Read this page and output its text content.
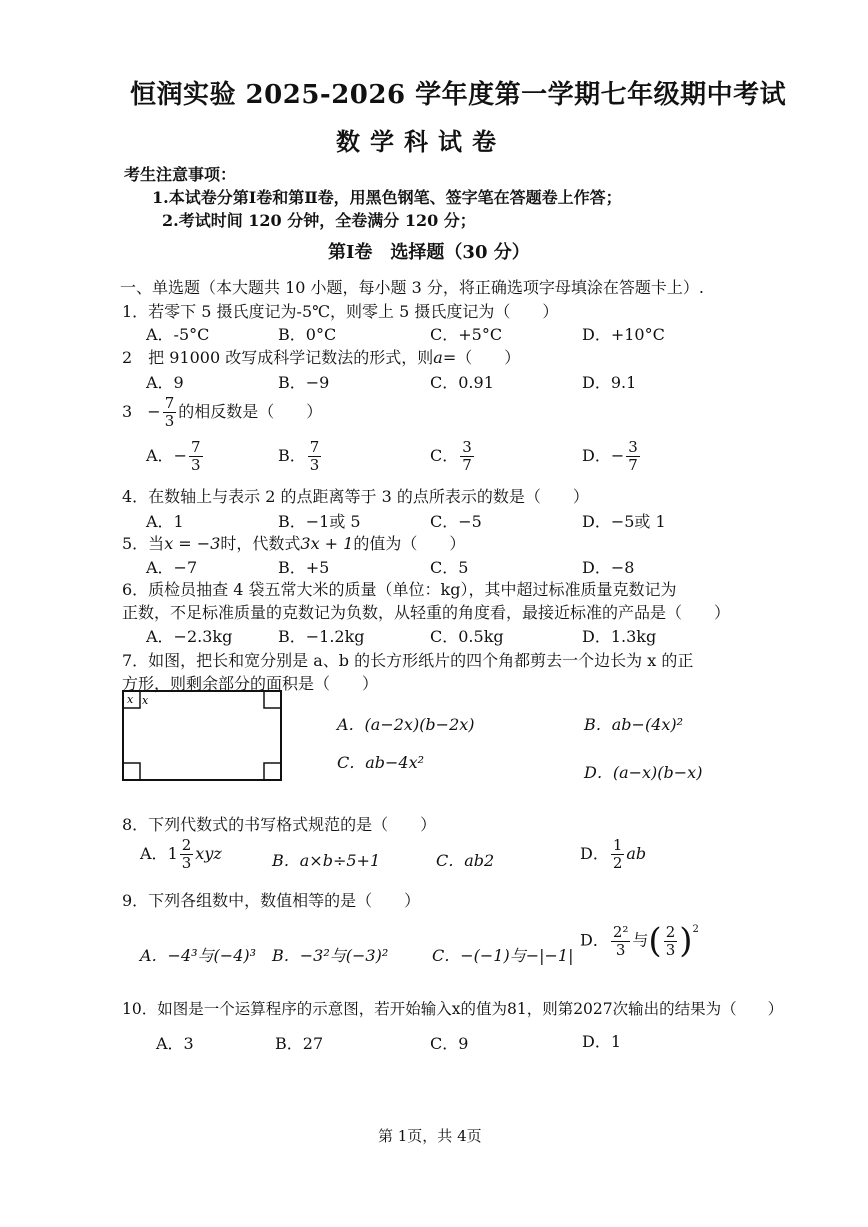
恒润实验 2025-2026 学年度第一学期七年级期中考试
数学科试卷
考生注意事项：
1.本试卷分第Ⅰ卷和第Ⅱ卷，用黑色钢笔、签字笔在答题卷上作答；
2.考试时间 120 分钟，全卷满分 120 分；
第Ⅰ卷　选择题（30 分）
一、单选题（本大题共 10 小题，每小题 3 分，将正确选项字母填涂在答题卡上）.
1．若零下 5 摄氏度记为-5℃，则零上 5 摄氏度记为（　　）
A．-5°C	B．0°C	C．+5°C	D．+10°C
2　把 91000 改写成科学记数法的形式，则a=（　　）
A．9	B．−9	C．0.91	D．9.1
$3 - \frac{7}{3}$ 的相反数是（　　）
A．− $\frac{7}{3}$	B． $\frac{7}{3}$	C． $\frac{3}{7}$	D．− $\frac{3}{7}$
4．在数轴上与表示 2 的点距离等于 3 的点所表示的数是（　　）
A．1	B．−1或 5	C．−5	D．−5或 1
5．当x = −3时，代数式3x + 1的值为（　　）
A．−7	B．+5	C．5	D．−8
6．质检员抽查 4 袋五常大米的质量（单位：kg），其中超过标准质量克数记为
正数，不足标准质量的克数记为负数，从轻重的角度看，最接近标准的产品是（　　）
A．−2.3kg	B．−1.2kg	C．0.5kg	D．1.3kg
7．如图，把长和宽分别是 a、b 的长方形纸片的四个角都剪去一个边长为 x 的正
方形，则剩余部分的面积是（　　）
x x
A．(a−2x)(b−2x)	B．ab−(4x)²
C．ab−4x²
D．(a−x)(b−x)
8．下列代数式的书写格式规范的是（　　）
A．$1 \frac{2}{3}$ xyz	B．a×b÷5+1	C．ab2	D． $\frac{1}{2}$ ab
9．下列各组数中，数值相等的是（　　）
A．−4³与(−4)³ B．−3²与(−3)²	C．−(−1)与−|−1|
D． $\frac{\text{2²}}{3}$ 与( $\frac{2}{3} )^2$
10．如图是一个运算程序的示意图，若开始输入x的值为81，则第2027次输出的结果为（　　）
A．3	B．27	C．9	D．1
第 1页，共 4页
